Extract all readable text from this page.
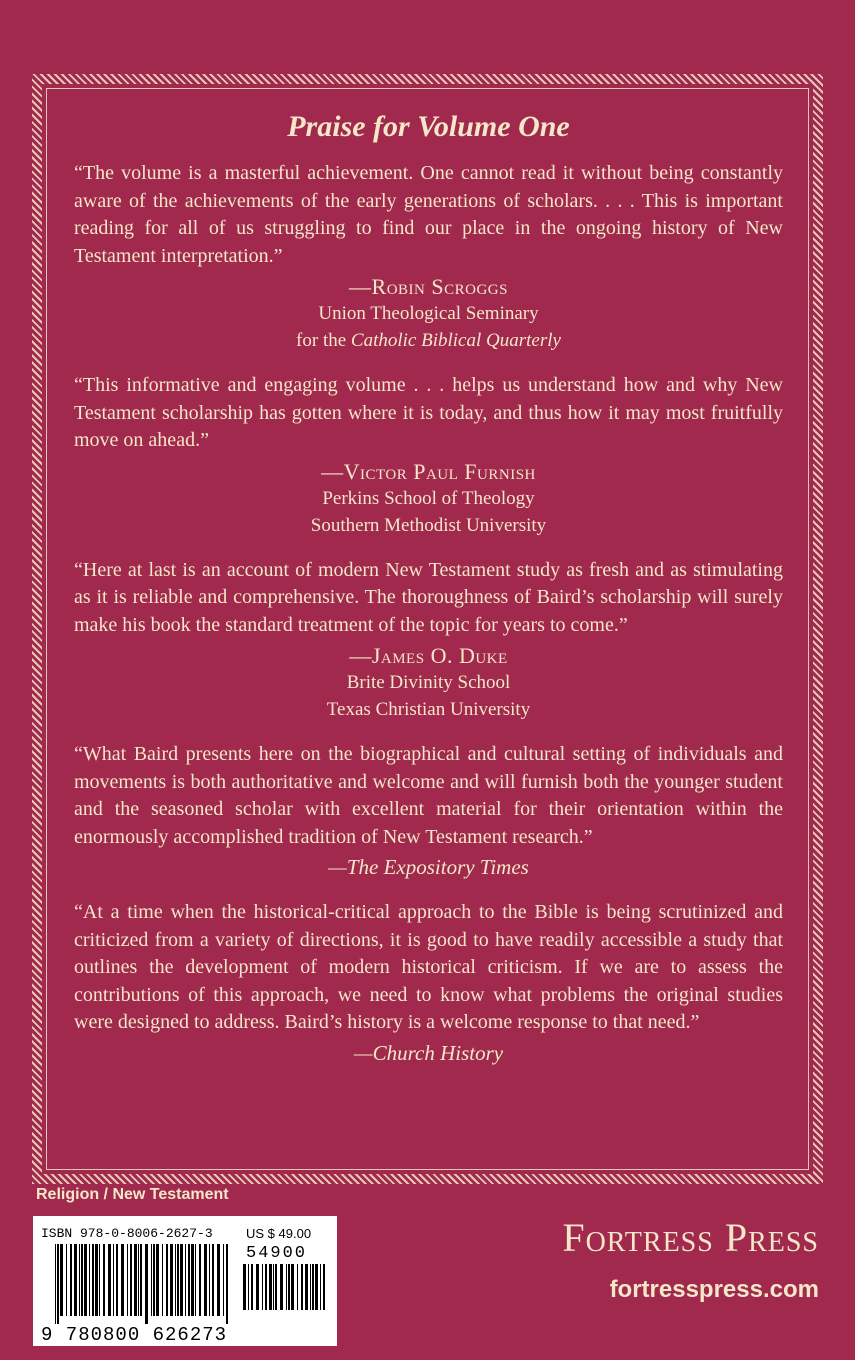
Praise for Volume One

“The volume is a masterful achievement. One cannot read it without being constantly aware of the achievements of the early generations of scholars. . . . This is important reading for all of us struggling to find our place in the ongoing history of New Testament interpretation.”

—Robin Scroggs
Union Theological Seminary
for the Catholic Biblical Quarterly

“This informative and engaging volume . . . helps us understand how and why New Testament scholarship has gotten where it is today, and thus how it may most fruitfully move on ahead.”

—Victor Paul Furnish
Perkins School of Theology
Southern Methodist University

“Here at last is an account of modern New Testament study as fresh and as stimulating as it is reliable and comprehensive. The thoroughness of Baird’s scholarship will surely make his book the standard treatment of the topic for years to come.”

—James O. Duke
Brite Divinity School
Texas Christian University

“What Baird presents here on the biographical and cultural setting of individuals and movements is both authoritative and welcome and will furnish both the younger student and the seasoned scholar with excellent material for their orientation within the enormously accomplished tradition of New Testament research.”

—The Expository Times

“At a time when the historical-critical approach to the Bible is being scrutinized and criticized from a variety of directions, it is good to have readily accessible a study that outlines the development of modern historical criticism. If we are to assess the contributions of this approach, we need to know what problems the original studies were designed to address. Baird’s history is a welcome response to that need.”

—Church History
Religion / New Testament
ISBN 978-0-8006-2627-3	US $ 49.00
54900
9 780800 626273
Fortress Press
fortresspress.com
